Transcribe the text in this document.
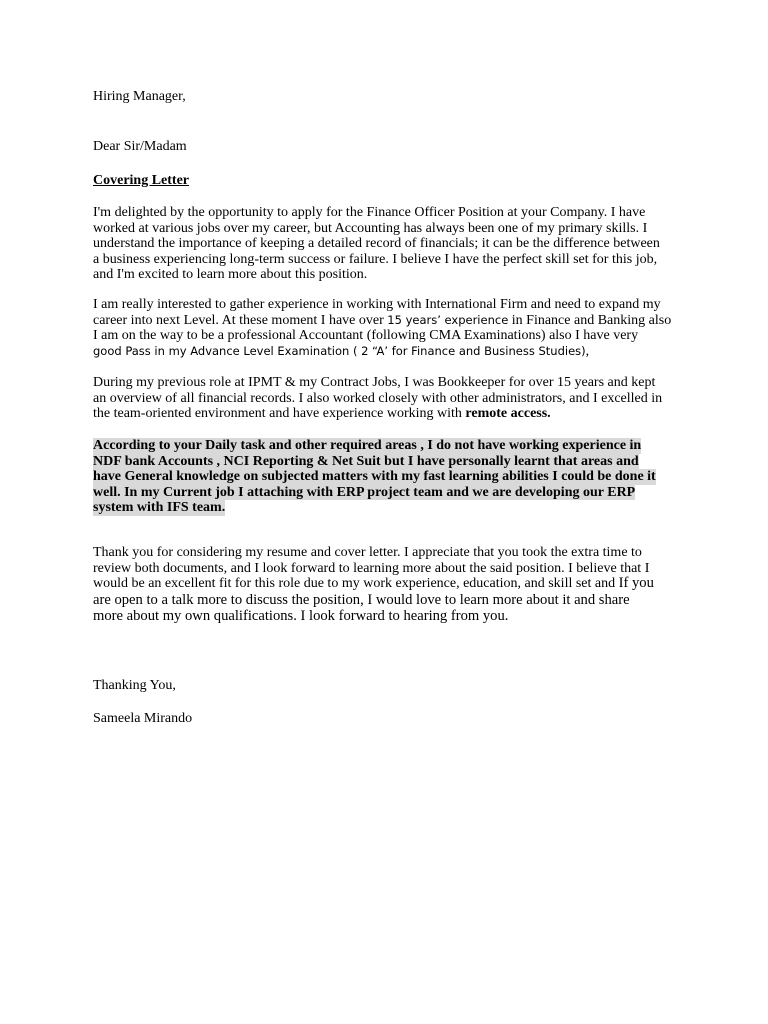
Hiring Manager,
Dear Sir/Madam
Covering Letter
I'm delighted by the opportunity to apply for the Finance Officer Position at your Company. I have
worked at various jobs over my career, but Accounting has always been one of my primary skills. I
understand the importance of keeping a detailed record of financials; it can be the difference between
a business experiencing long-term success or failure. I believe I have the perfect skill set for this job,
and I'm excited to learn more about this position.
I am really interested to gather experience in working with International Firm and need to expand my
career into next Level. At these moment I have over 15 years’ experience in Finance and Banking also
I am on the way to be a professional Accountant (following CMA Examinations) also I have very
good Pass in my Advance Level Examination ( 2 “A’ for Finance and Business Studies),
During my previous role at IPMT & my Contract Jobs, I was Bookkeeper for over 15 years and kept
an overview of all financial records. I also worked closely with other administrators, and I excelled in
the team-oriented environment and have experience working with remote access.
According to your Daily task and other required areas , I do not have working experience in
NDF bank Accounts , NCI Reporting & Net Suit but I have personally learnt that areas and
have General knowledge on subjected matters with my fast learning abilities I could be done it
well. In my Current job I attaching with ERP project team and we are developing our ERP
system with IFS team.
Thank you for considering my resume and cover letter. I appreciate that you took the extra time to
review both documents, and I look forward to learning more about the said position. I believe that I
would be an excellent fit for this role due to my work experience, education, and skill set and If you
are open to a talk more to discuss the position, I would love to learn more about it and share
more about my own qualifications. I look forward to hearing from you.
Thanking You,
Sameela Mirando
